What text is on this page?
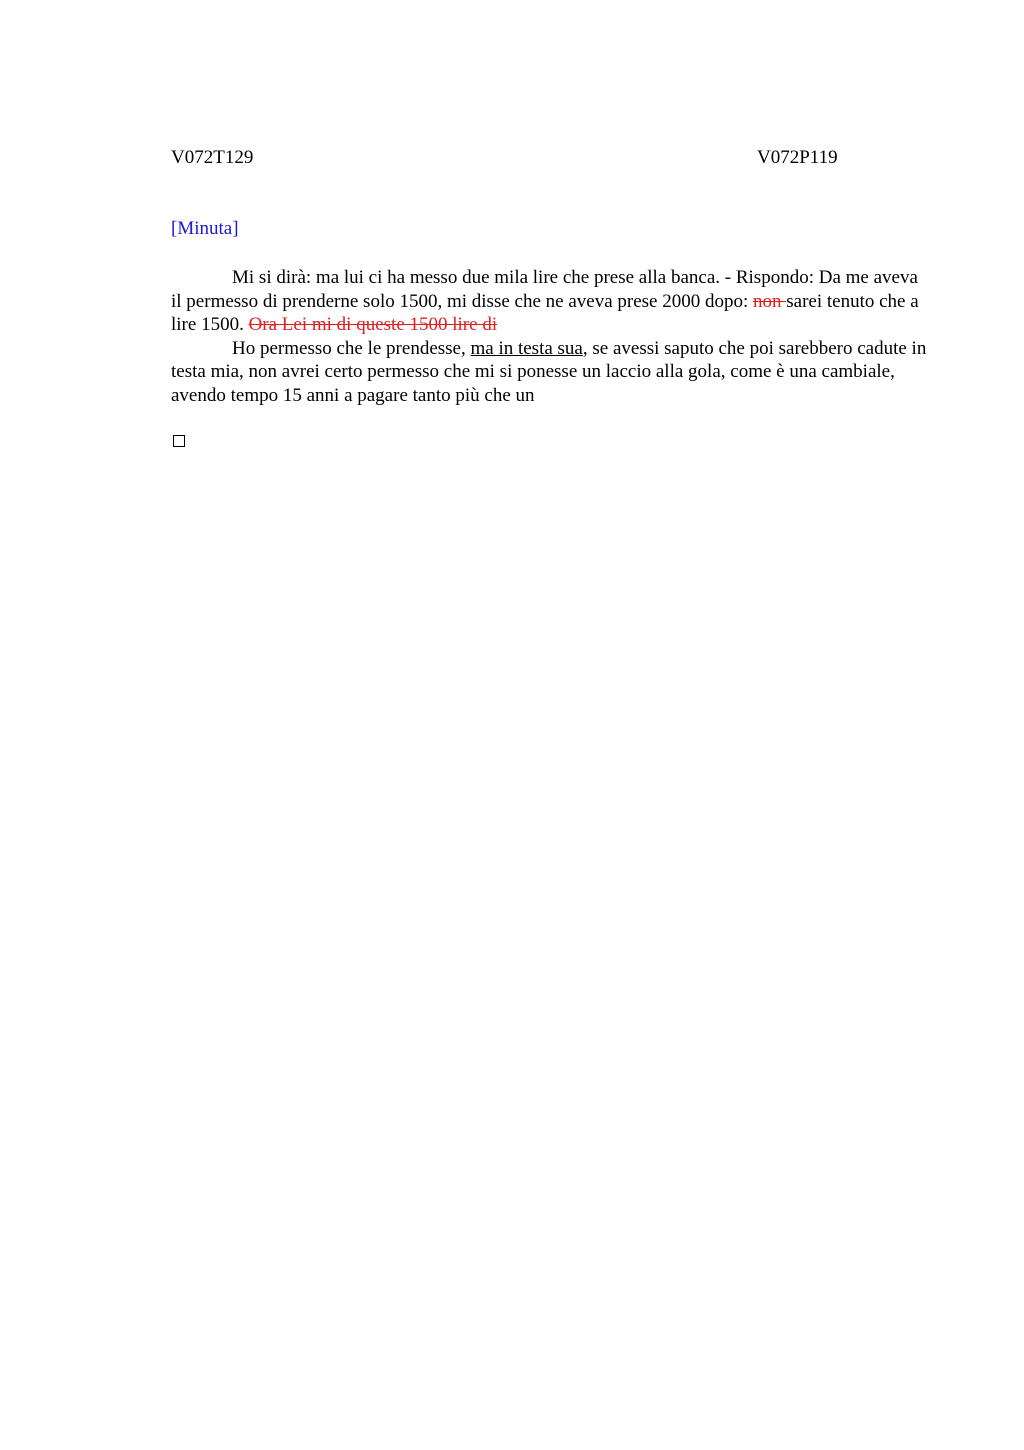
V072T129	V072P119
[Minuta]

Mi si dirà: ma lui ci ha messo due mila lire che prese alla banca. - Rispondo: Da me aveva il permesso di prenderne solo 1500, mi disse che ne aveva prese 2000 dopo: non sarei tenuto che a lire 1500. Ora Lei mi di queste 1500 lire di

Ho permesso che le prendesse, ma in testa sua, se avessi saputo che poi sarebbero cadute in testa mia, non avrei certo permesso che mi si ponesse un laccio alla gola, come è una cambiale, avendo tempo 15 anni a pagare tanto più che un
